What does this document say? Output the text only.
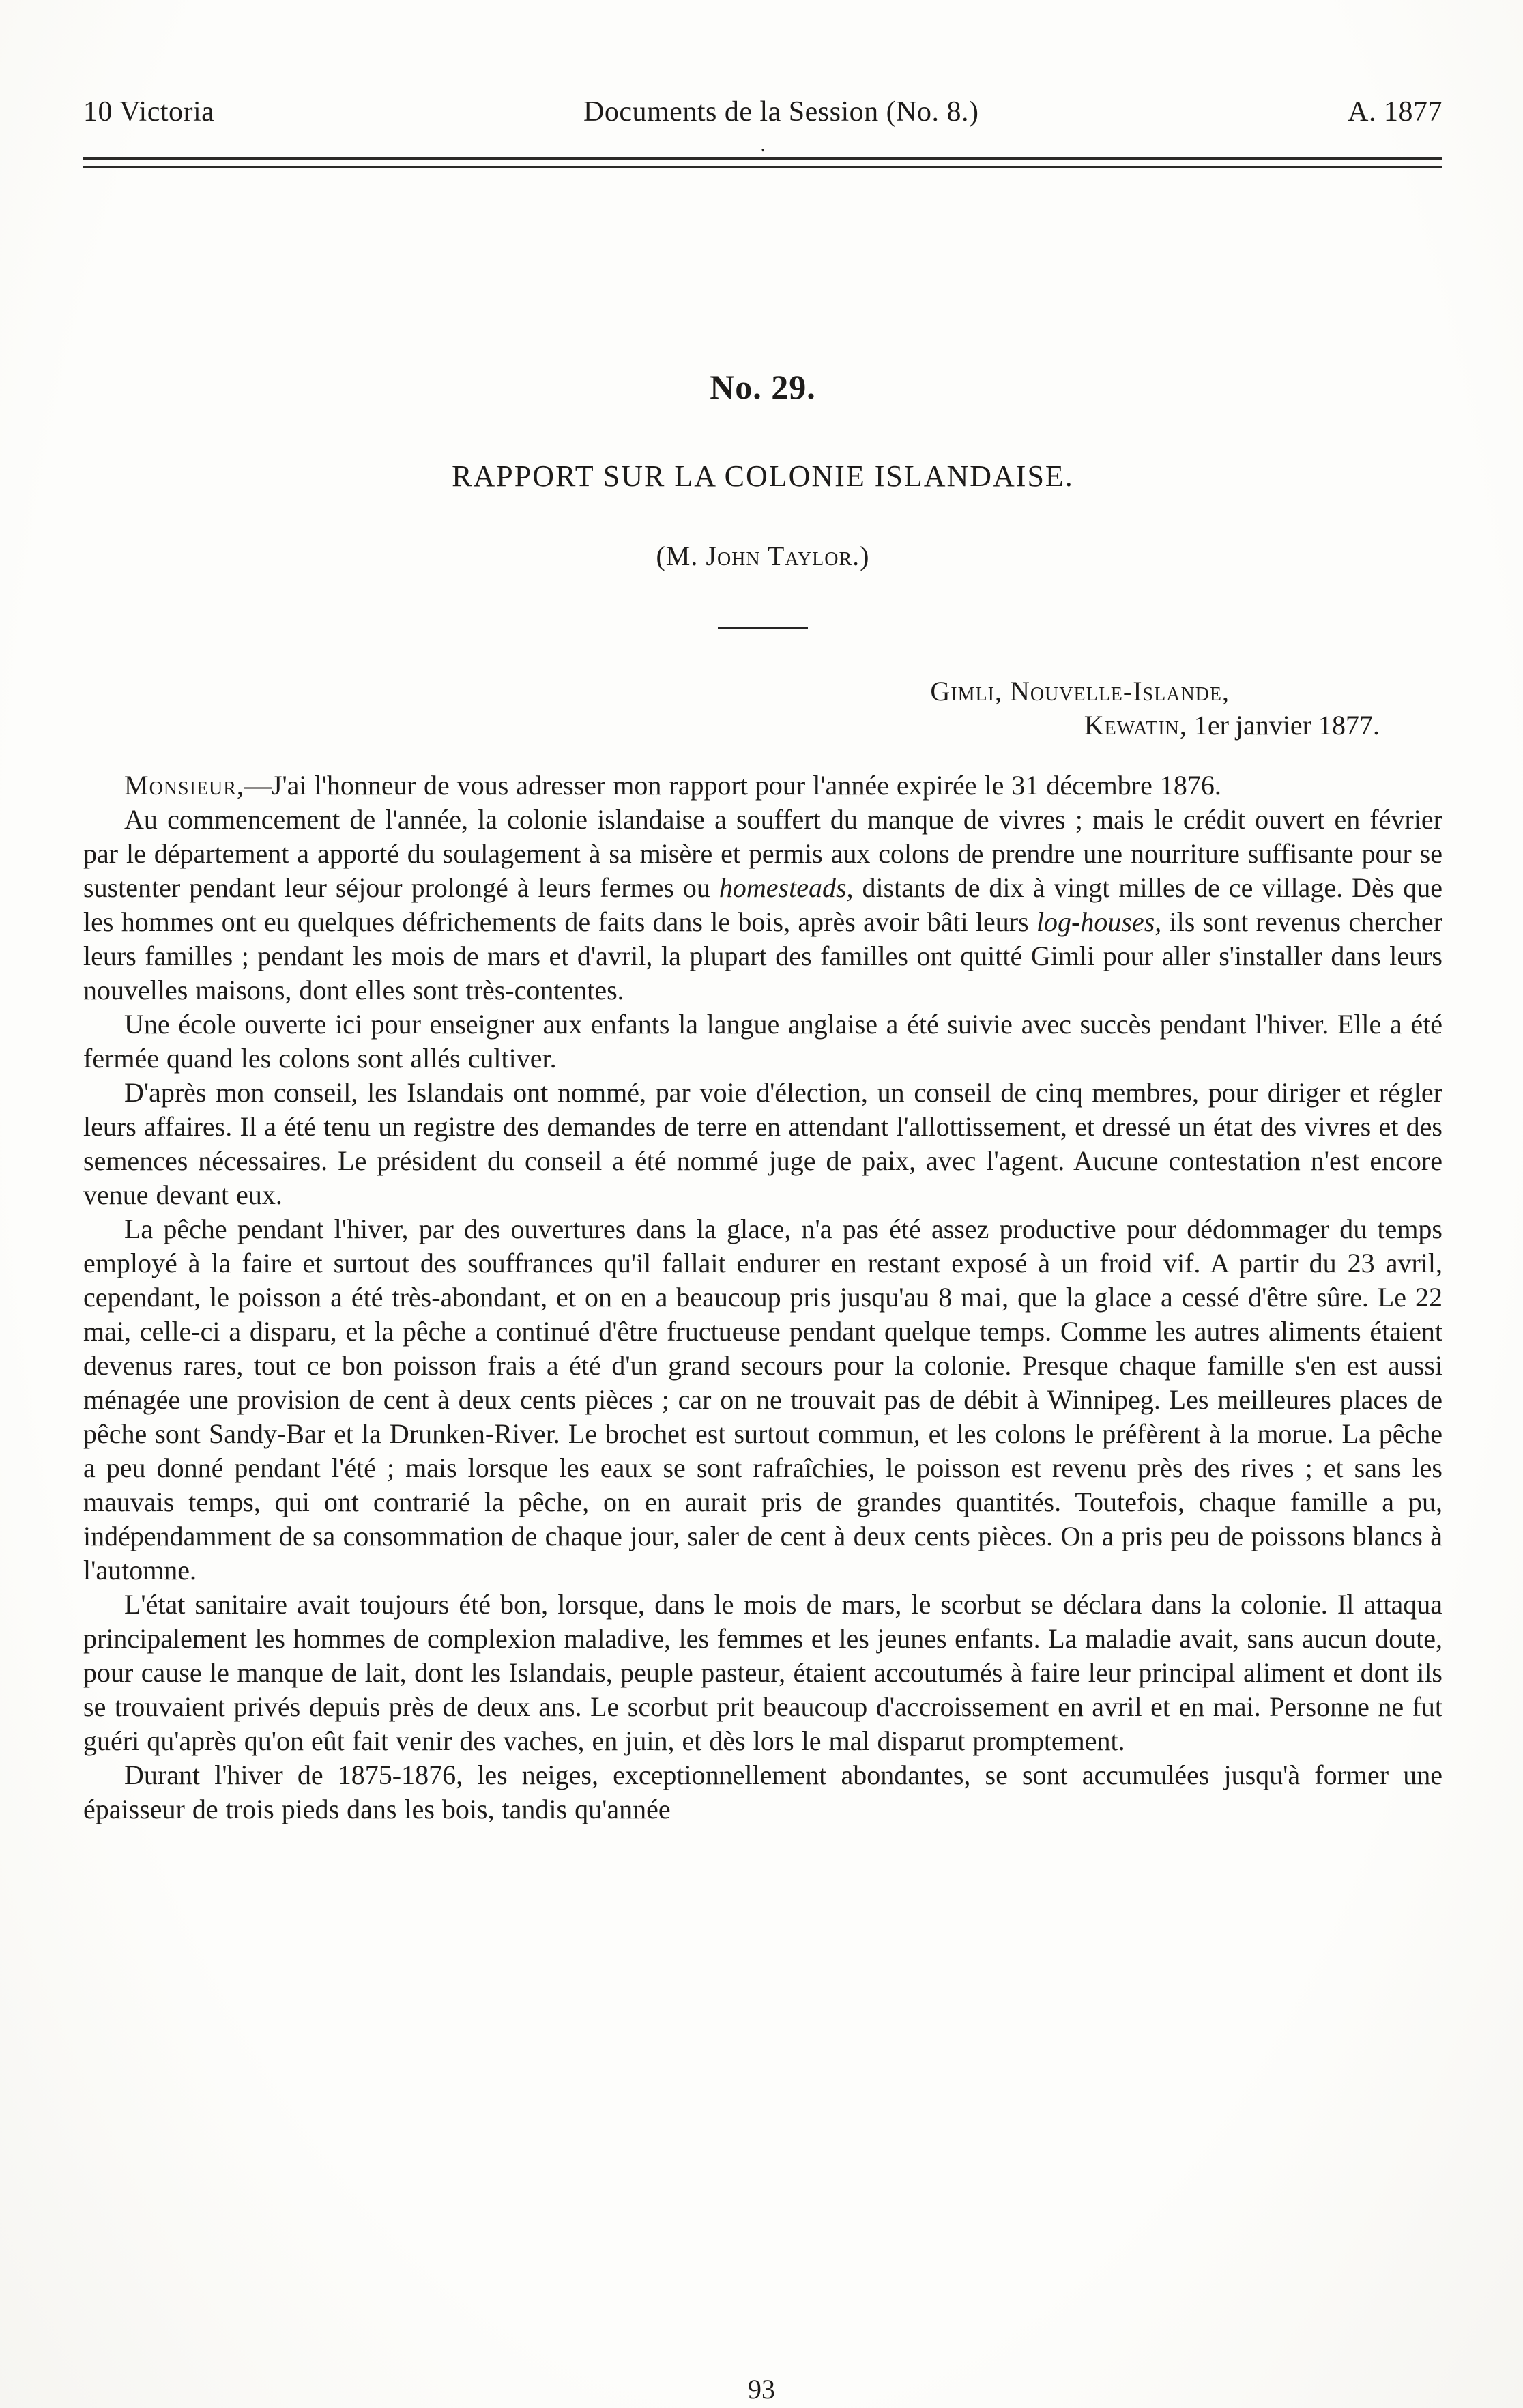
10 Victoria	Documents de la Session (No. 8.)	A. 1877
.
No. 29.
RAPPORT SUR LA COLONIE ISLANDAISE.
(M. John Taylor.)
Gimli, Nouvelle-Islande,
Kewatin, 1er janvier 1877.

Monsieur,—J'ai l'honneur de vous adresser mon rapport pour l'année expirée le 31 décembre 1876.

Au commencement de l'année, la colonie islandaise a souffert du manque de vivres ; mais le crédit ouvert en février par le département a apporté du soulagement à sa misère et permis aux colons de prendre une nourriture suffisante pour se sustenter pendant leur séjour prolongé à leurs fermes ou homesteads, distants de dix à vingt milles de ce village. Dès que les hommes ont eu quelques défrichements de faits dans le bois, après avoir bâti leurs log-houses, ils sont revenus chercher leurs familles ; pendant les mois de mars et d'avril, la plupart des familles ont quitté Gimli pour aller s'installer dans leurs nouvelles maisons, dont elles sont très-contentes.

Une école ouverte ici pour enseigner aux enfants la langue anglaise a été suivie avec succès pendant l'hiver. Elle a été fermée quand les colons sont allés cultiver.

D'après mon conseil, les Islandais ont nommé, par voie d'élection, un conseil de cinq membres, pour diriger et régler leurs affaires. Il a été tenu un registre des demandes de terre en attendant l'allottissement, et dressé un état des vivres et des semences nécessaires. Le président du conseil a été nommé juge de paix, avec l'agent. Aucune contestation n'est encore venue devant eux.

La pêche pendant l'hiver, par des ouvertures dans la glace, n'a pas été assez productive pour dédommager du temps employé à la faire et surtout des souffrances qu'il fallait endurer en restant exposé à un froid vif. A partir du 23 avril, cependant, le poisson a été très-abondant, et on en a beaucoup pris jusqu'au 8 mai, que la glace a cessé d'être sûre. Le 22 mai, celle-ci a disparu, et la pêche a continué d'être fructueuse pendant quelque temps. Comme les autres aliments étaient devenus rares, tout ce bon poisson frais a été d'un grand secours pour la colonie. Presque chaque famille s'en est aussi ménagée une provision de cent à deux cents pièces ; car on ne trouvait pas de débit à Winnipeg. Les meilleures places de pêche sont Sandy-Bar et la Drunken-River. Le brochet est surtout commun, et les colons le préfèrent à la morue. La pêche a peu donné pendant l'été ; mais lorsque les eaux se sont rafraîchies, le poisson est revenu près des rives ; et sans les mauvais temps, qui ont contrarié la pêche, on en aurait pris de grandes quantités. Toutefois, chaque famille a pu, indépendamment de sa consommation de chaque jour, saler de cent à deux cents pièces. On a pris peu de poissons blancs à l'automne.

L'état sanitaire avait toujours été bon, lorsque, dans le mois de mars, le scorbut se déclara dans la colonie. Il attaqua principalement les hommes de complexion maladive, les femmes et les jeunes enfants. La maladie avait, sans aucun doute, pour cause le manque de lait, dont les Islandais, peuple pasteur, étaient accoutumés à faire leur principal aliment et dont ils se trouvaient privés depuis près de deux ans. Le scorbut prit beaucoup d'accroissement en avril et en mai. Personne ne fut guéri qu'après qu'on eût fait venir des vaches, en juin, et dès lors le mal disparut promptement.

Durant l'hiver de 1875-1876, les neiges, exceptionnellement abondantes, se sont accumulées jusqu'à former une épaisseur de trois pieds dans les bois, tandis qu'année

93
